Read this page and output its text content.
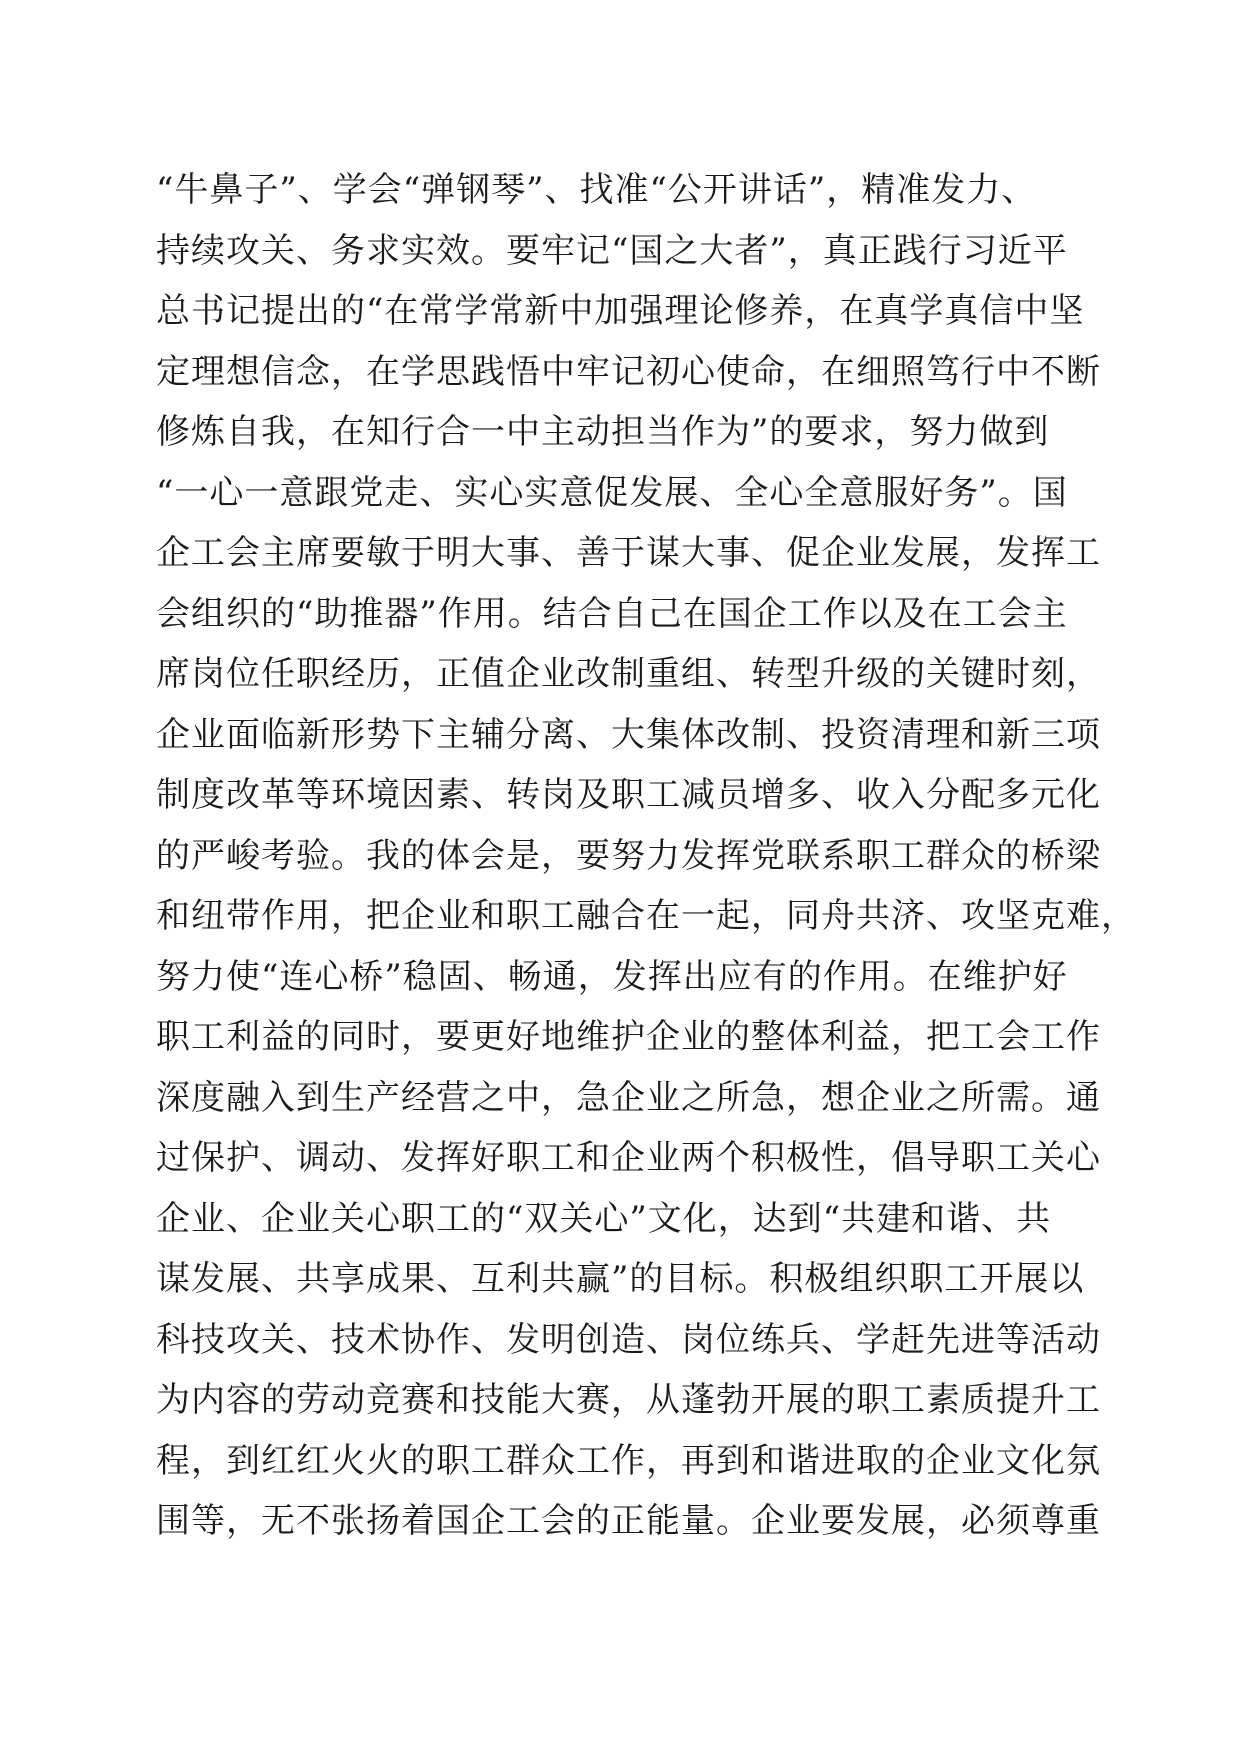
“牛鼻子”、学会“弹钢琴”、找准“公开讲话”，精准发力、
持续攻关、务求实效。要牢记“国之大者”，真正践行习近平
总书记提出的“在常学常新中加强理论修养，在真学真信中坚
定理想信念，在学思践悟中牢记初心使命，在细照笃行中不断
修炼自我，在知行合一中主动担当作为”的要求，努力做到
“一心一意跟党走、实心实意促发展、全心全意服好务”。国
企工会主席要敏于明大事、善于谋大事、促企业发展，发挥工
会组织的“助推器”作用。结合自己在国企工作以及在工会主
席岗位任职经历，正值企业改制重组、转型升级的关键时刻，
企业面临新形势下主辅分离、大集体改制、投资清理和新三项
制度改革等环境因素、转岗及职工减员增多、收入分配多元化
的严峻考验。我的体会是，要努力发挥党联系职工群众的桥梁
和纽带作用，把企业和职工融合在一起，同舟共济、攻坚克难，
努力使“连心桥”稳固、畅通，发挥出应有的作用。在维护好
职工利益的同时，要更好地维护企业的整体利益，把工会工作
深度融入到生产经营之中，急企业之所急，想企业之所需。通
过保护、调动、发挥好职工和企业两个积极性，倡导职工关心
企业、企业关心职工的“双关心”文化，达到“共建和谐、共
谋发展、共享成果、互利共赢”的目标。积极组织职工开展以
科技攻关、技术协作、发明创造、岗位练兵、学赶先进等活动
为内容的劳动竞赛和技能大赛，从蓬勃开展的职工素质提升工
程，到红红火火的职工群众工作，再到和谐进取的企业文化氛
围等，无不张扬着国企工会的正能量。企业要发展，必须尊重
